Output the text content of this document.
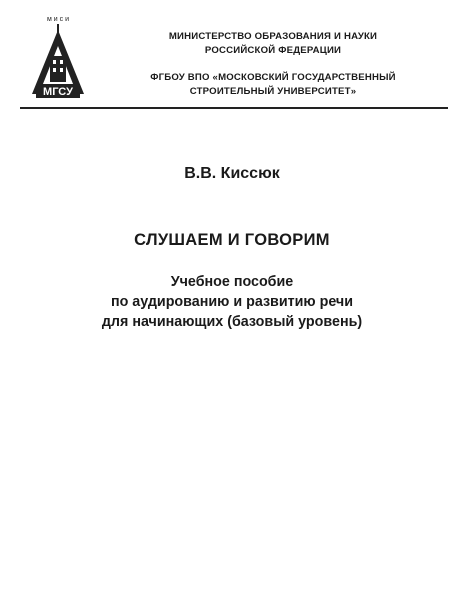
м и с и
МГСУ
МИНИСТЕРСТВО ОБРАЗОВАНИЯ И НАУКИ
РОССИЙСКОЙ ФЕДЕРАЦИИ
ФГБОУ ВПО «МОСКОВСКИЙ ГОСУДАРСТВЕННЫЙ
СТРОИТЕЛЬНЫЙ УНИВЕРСИТЕТ»
В.В. Киссюк
СЛУШАЕМ И ГОВОРИМ
Учебное пособие
по аудированию и развитию речи
для начинающих (базовый уровень)
